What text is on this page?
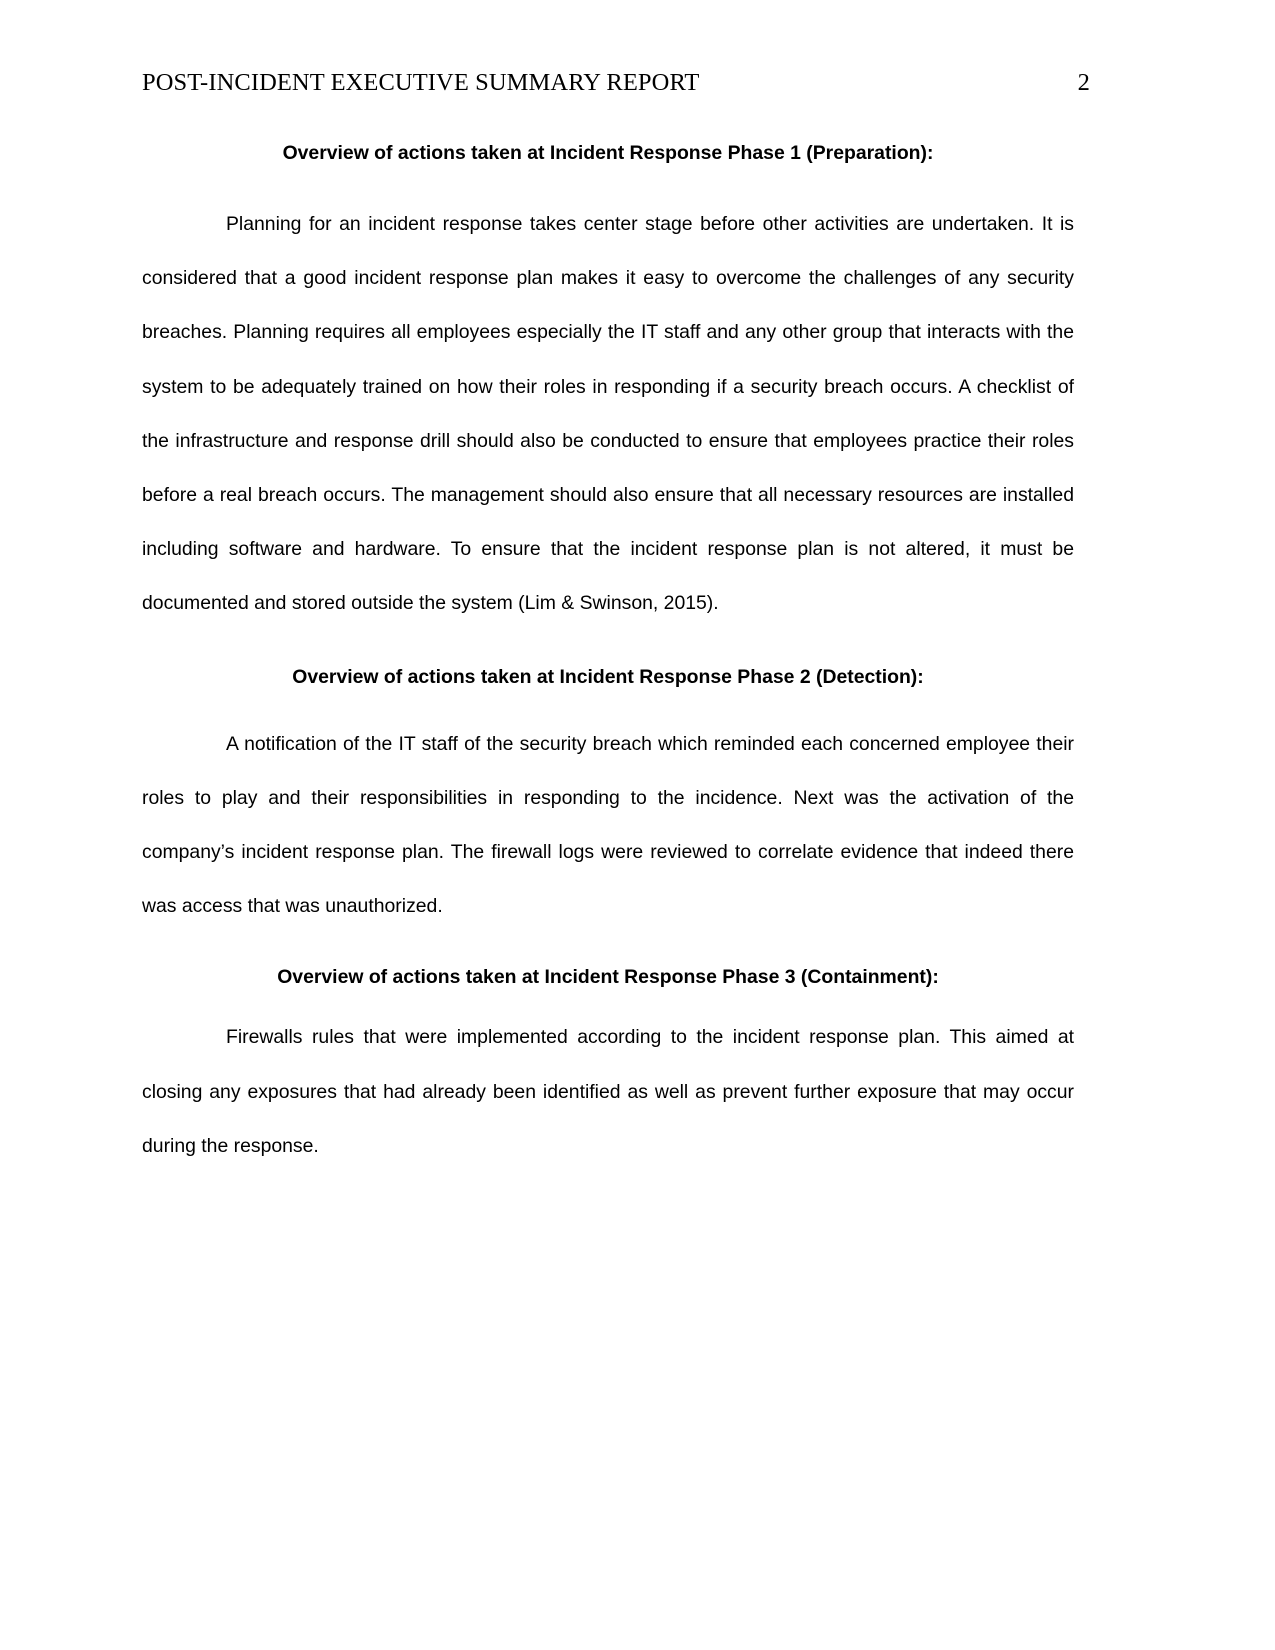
POST-INCIDENT EXECUTIVE SUMMARY REPORT	2
Overview of actions taken at Incident Response Phase 1 (Preparation):

Planning for an incident response takes center stage before other activities are undertaken. It is considered that a good incident response plan makes it easy to overcome the challenges of any security breaches. Planning requires all employees especially the IT staff and any other group that interacts with the system to be adequately trained on how their roles in responding if a security breach occurs. A checklist of the infrastructure and response drill should also be conducted to ensure that employees practice their roles before a real breach occurs. The management should also ensure that all necessary resources are installed including software and hardware. To ensure that the incident response plan is not altered, it must be documented and stored outside the system (Lim & Swinson, 2015).

Overview of actions taken at Incident Response Phase 2 (Detection):

A notification of the IT staff of the security breach which reminded each concerned employee their roles to play and their responsibilities in responding to the incidence. Next was the activation of the company’s incident response plan. The firewall logs were reviewed to correlate evidence that indeed there was access that was unauthorized.

Overview of actions taken at Incident Response Phase 3 (Containment):

Firewalls rules that were implemented according to the incident response plan. This aimed at closing any exposures that had already been identified as well as prevent further exposure that may occur during the response.
